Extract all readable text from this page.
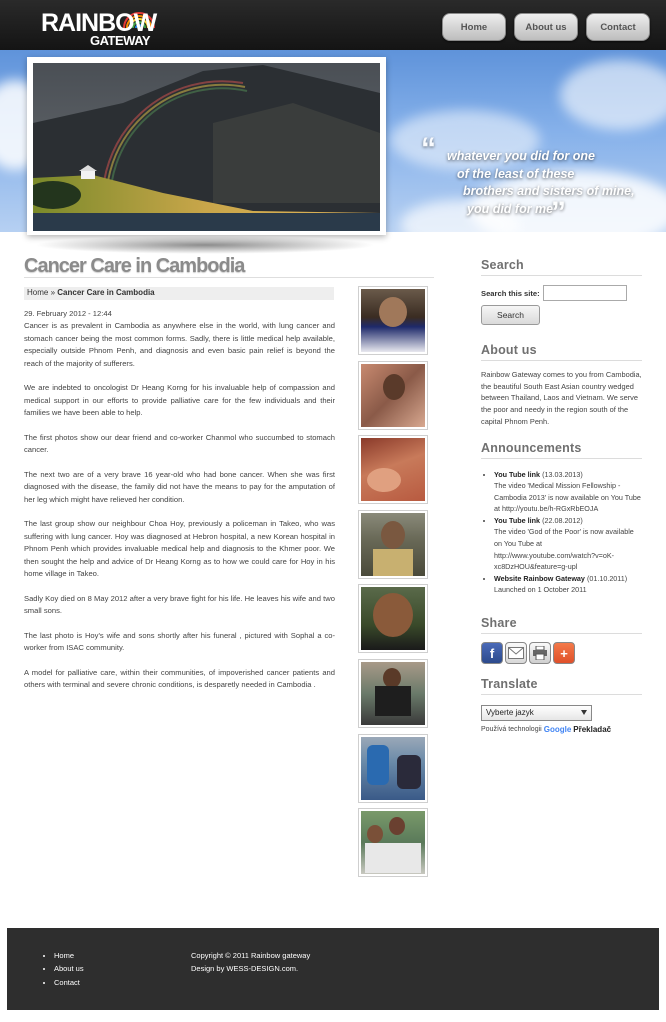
RAINBOW
GATEWAY
Home	About us	Contact
“ whatever you did for one
of the least of these
brothers and sisters of mine,
you did for me
”
Cancer Care in Cambodia
Home » Cancer Care in Cambodia
29. February 2012 - 12:44

Cancer is as prevalent in Cambodia as anywhere else in the world, with lung cancer and stomach cancer being the most common forms. Sadly, there is little medical help available, especially outside Phnom Penh, and diagnosis and even basic pain relief is beyond the reach of the majority of sufferers.

We are indebted to oncologist Dr Heang Korng for his invaluable help of compassion and medical support in our efforts to provide palliative care for the few individuals and their families we have been able to help.

The first photos show our dear friend and co-worker Chanmol who succumbed to stomach cancer.

The next two are of a very brave 16 year-old who had bone cancer. When she was first diagnosed with the disease, the family did not have the means to pay for the amputation of her leg which might have relieved her condition.

The last group show our neighbour Choa Hoy, previously a policeman in Takeo, who was suffering with lung cancer. Hoy was diagnosed at Hebron hospital, a new Korean hospital in Phnom Penh which provides invaluable medical help and diagnosis to the Khmer poor. We then sought the help and advice of Dr Heang Korng as to how we could care for Hoy in his home village in Takeo.

Sadly Koy died on 8 May 2012 after a very brave fight for his life. He leaves his wife and two small sons.

The last photo is Hoy's wife and sons shortly after his funeral , pictured with Sophal a co-worker from ISAC community.

A model for palliative care, within their communities, of impoverished cancer patients and others with terminal and severe chronic conditions, is desparetly needed in Cambodia .

Search
Search this site:
Search
About us
Rainbow Gateway comes to you from Cambodia, the beautiful South East Asian country wedged between Thailand, Laos and Vietnam. We serve the poor and needy in the region south of the capital Phnom Penh.
Announcements
• You Tube link (13.03.2013)
The video 'Medical Mission Fellowship - Cambodia 2013' is now available on You Tube at http://youtu.be/h-RGxRbEOJA
• You Tube link (22.08.2012)
The video 'God of the Poor' is now available on You Tube at http://www.youtube.com/watch?v=oK-xc8DzHOU&feature=g-upl
• Website Rainbow Gateway (01.10.2011)
Launched on 1 October 2011
Share
f	+
Translate
Vyberte jazyk
Používá technologii Google Překladač
• Home
• About us
• Contact
Copyright © 2011 Rainbow gateway
Design by WESS-DESIGN.com.
